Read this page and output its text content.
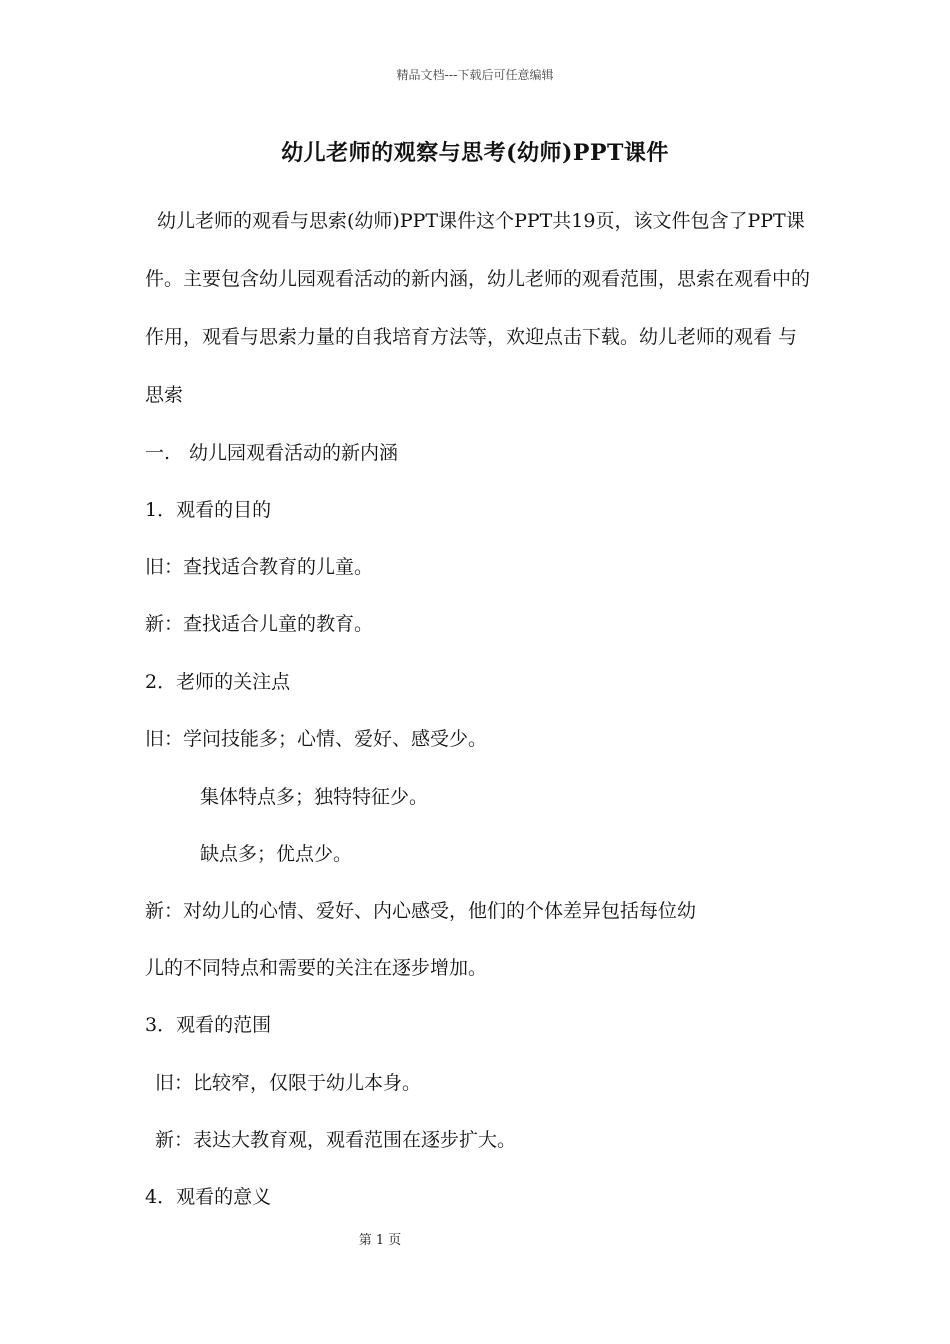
精品文档---下载后可任意编辑
幼儿老师的观察与思考(幼师)PPT课件
幼儿老师的观看与思索(幼师)PPT课件这个PPT共19页，该文件包含了PPT课件。主要包含幼儿园观看活动的新内涵，幼儿老师的观看范围，思索在观看中的作用，观看与思索力量的自我培育方法等，欢迎点击下载。幼儿老师的观看 与思索
一.　幼儿园观看活动的新内涵
1．观看的目的
旧：查找适合教育的儿童。
新：查找适合儿童的教育。
2．老师的关注点
旧：学问技能多；心情、爱好、感受少。
集体特点多；独特特征少。
缺点多；优点少。
新：对幼儿的心情、爱好、内心感受，他们的个体差异包括每位幼
儿的不同特点和需要的关注在逐步增加。
3．观看的范围
旧：比较窄，仅限于幼儿本身。
新：表达大教育观，观看范围在逐步扩大。
4．观看的意义
第 1 页
